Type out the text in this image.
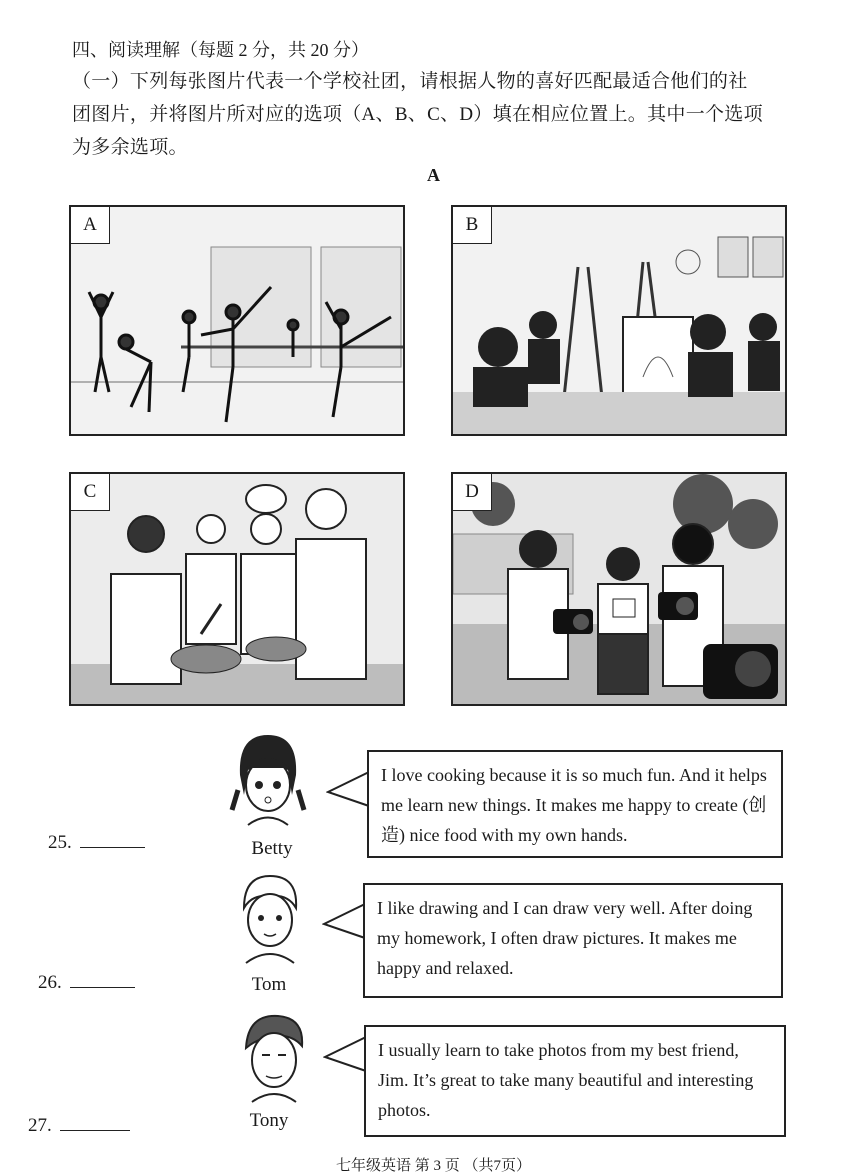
四、阅读理解（每题 2 分，共 20 分）
（一）下列每张图片代表一个学校社团，请根据人物的喜好匹配最适合他们的社
团图片，并将图片所对应的选项（A、B、C、D）填在相应位置上。其中一个选项
为多余选项。
A
A	B
C	D
25.	Betty
I love cooking because it is so much fun. And it helps me learn new things. It makes me happy to create (创造) nice food with my own hands.
26.	Tom
I like drawing and I can draw very well. After doing my homework, I often draw pictures. It makes me happy and relaxed.
27.	Tony
I usually learn to take photos from my best friend, Jim. It’s great to take many beautiful and interesting photos.
七年级英语 第 3 页 （共7页）
